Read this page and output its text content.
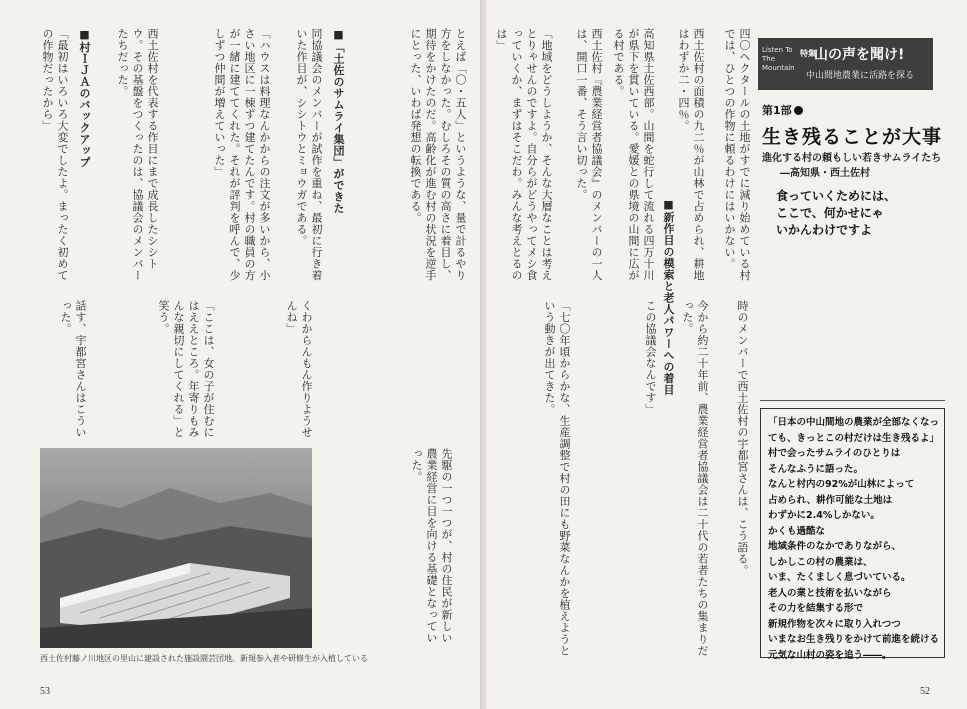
とえば「〇・五人」というような、量で計るやり方をしなかった。むしろその質の高さに着目し、期待をかけたのだ。高齢化が進む村の状況を逆手にとった、いわば発想の転換である。
■「土佐のサムライ集団」ができた
同協議会のメンバーが試作を重ね、最初に行き着いた作目が、シシトウとミョウガである。
「ハウスは料理なんかからの注文が多いから、小さい地区に一棟ずつ建てたんです。村の職員の方が一緒に建ててくれた。それが評判を呼んで、少しずつ仲間が増えていった」
西土佐村を代表する作目にまで成長したシシトウ。その基盤をつくったのは、協議会のメンバーたちだった。
■村ＩＪＡのバックアップ
「最初はいろいろ大変でしたよ。まったく初めての作物だったから」
話す、宇都宮さんはこういった。	「ここは、女の子が住むにはええところ。年寄りもみんな親切にしてくれる」と笑う。	くわからんもん作りようせんね」
先駆の一つ一つが、村の住民が新しい農業経営に目を向ける基礎となっていった。
西土佐村藤ノ川地区の里山に建設された施設園芸団地。新規参入者や研修生が入植している
53
「地域をどうしようか、そんな大層なことは考えとりゃせんのですよ。自分らがどうやってメシ食っていくか、まずはそこだわ。みんな考えとるのは」	西土佐村『農業経営者協議会』のメンバーの一人は、開口一番、そう言い切った。	高知県土佐西部。山間を蛇行して流れる四万十川が県下を貫いている。愛媛との県境の山間に広がる村である。	西土佐村の面積の九二％が山林で占められ、耕地はわずか二・四％。
■新作目の模索と老人パワーへの着目
「七〇年頃からかな、生産調整で村の田にも野菜なんかを植えようという動きが出てきた。	この協議会なんです」	今から約二十年前、農業経営者協議会は二十代の若者たちの集まりだった。
四〇ヘクタールの土地がすでに減り始めている村では、ひとつの作物に頼るわけにはいかない。
時のメンバーで西土佐村の宇都宮さんは、こう語る。
52
Listen To The Mountain
特集
山の声を聞け!
中山間地農業に活路を探る
第1部
生き残ることが大事
進化する村の頼もしい若きサムライたち
―高知県・西土佐村
食っていくためには、
ここで、何かせにゃ
いかんわけですよ
「日本の中山間地の農業が全部なくなっ
ても、きっとこの村だけは生き残るよ」
村で会ったサムライのひとりは
そんなふうに語った。
なんと村内の92%が山林によって
占められ、耕作可能な土地は
わずかに2.4%しかない。
かくも過酷な
地域条件のなかでありながら、
しかしこの村の農業は、
いま、たくましく息づいている。
老人の業と技術を払いながら
その力を結集する形で
新規作物を次々に取り入れつつ
いまなお生き残りをかけて前進を続ける
元気な山村の姿を追う――。
